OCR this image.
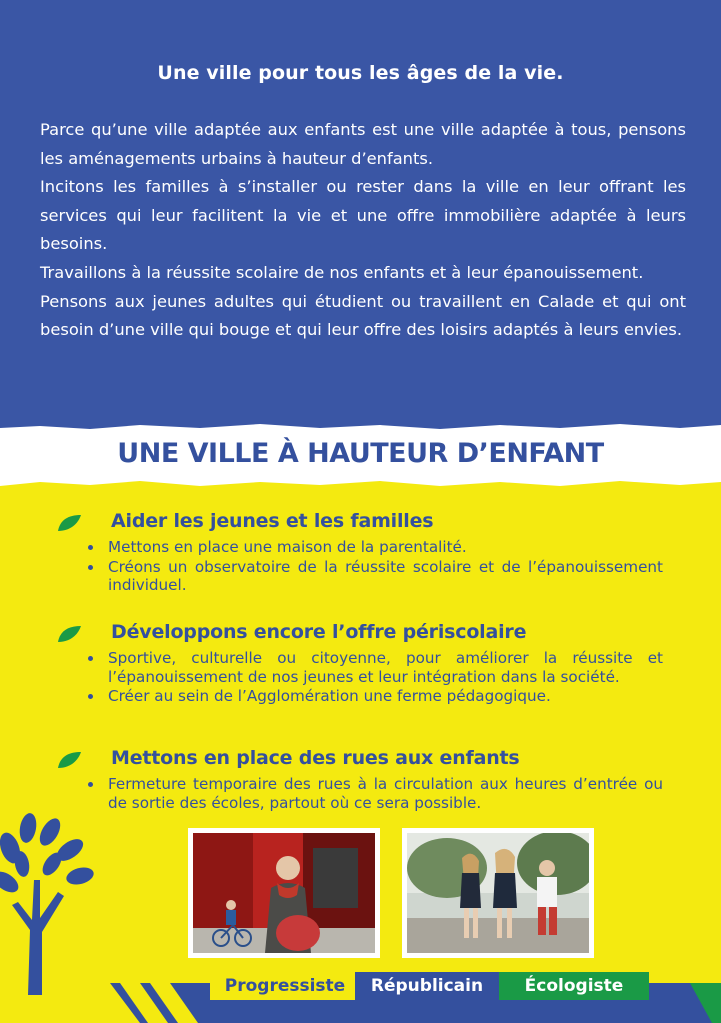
Une ville pour tous les âges de la vie.

Parce qu’une ville adaptée aux enfants est une ville adaptée à tous, pensons les aménagements urbains à hauteur d’enfants.

Incitons les familles à s’installer ou rester dans la ville en leur offrant les services qui leur facilitent la vie et une offre immobilière adaptée à leurs besoins.

Travaillons à la réussite scolaire de nos enfants et à leur épanouissement.

Pensons aux jeunes adultes qui étudient ou travaillent en Calade et qui ont besoin d’une ville qui bouge et qui leur offre des loisirs adaptés à leurs envies.

UNE VILLE À HAUTEUR D’ENFANT
Aider les jeunes et les familles
Mettons en place une maison de la parentalité.
Créons un observatoire de la réussite scolaire et de l’épanouissement individuel.
Développons encore l’offre périscolaire
Sportive, culturelle ou citoyenne, pour améliorer la réussite et l’épanouissement de nos jeunes et leur intégration dans la société.
Créer au sein de l’Agglomération une ferme pédagogique.
Mettons en place des rues aux enfants
Fermeture temporaire des rues à la circulation aux heures d’entrée ou de sortie des écoles, partout où ce sera possible.
Progressiste	Républicain	Écologiste
